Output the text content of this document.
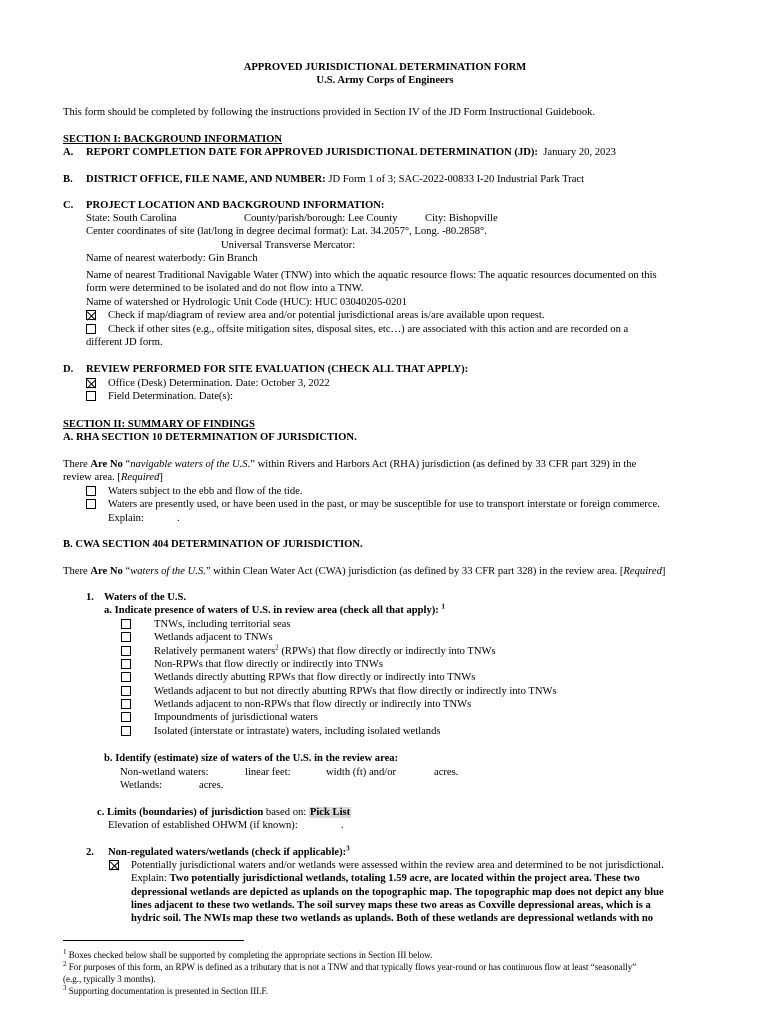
APPROVED JURISDICTIONAL DETERMINATION FORM
U.S. Army Corps of Engineers
This form should be completed by following the instructions provided in Section IV of the JD Form Instructional Guidebook.
SECTION I: BACKGROUND INFORMATION
A. REPORT COMPLETION DATE FOR APPROVED JURISDICTIONAL DETERMINATION (JD): January 20, 2023
B. DISTRICT OFFICE, FILE NAME, AND NUMBER: JD Form 1 of 3; SAC-2022-00833 I-20 Industrial Park Tract
C. PROJECT LOCATION AND BACKGROUND INFORMATION:
State: South Carolina	County/parish/borough: Lee County	City: Bishopville
Center coordinates of site (lat/long in degree decimal format): Lat. 34.2057°, Long. -80.2858°.
Universal Transverse Mercator:
Name of nearest waterbody: Gin Branch
Name of nearest Traditional Navigable Water (TNW) into which the aquatic resource flows: The aquatic resources documented on this
form were determined to be isolated and do not flow into a TNW.
Name of watershed or Hydrologic Unit Code (HUC): HUC 03040205-0201
Check if map/diagram of review area and/or potential jurisdictional areas is/are available upon request.
Check if other sites (e.g., offsite mitigation sites, disposal sites, etc…) are associated with this action and are recorded on a
different JD form.
D. REVIEW PERFORMED FOR SITE EVALUATION (CHECK ALL THAT APPLY):
Office (Desk) Determination. Date: October 3, 2022
Field Determination. Date(s):
SECTION II: SUMMARY OF FINDINGS
A. RHA SECTION 10 DETERMINATION OF JURISDICTION.
There Are No “navigable waters of the U.S.” within Rivers and Harbors Act (RHA) jurisdiction (as defined by 33 CFR part 329) in the
review area. [Required]
Waters subject to the ebb and flow of the tide.
Waters are presently used, or have been used in the past, or may be susceptible for use to transport interstate or foreign commerce.
Explain:	.
B. CWA SECTION 404 DETERMINATION OF JURISDICTION.
There Are No “waters of the U.S.” within Clean Water Act (CWA) jurisdiction (as defined by 33 CFR part 328) in the review area. [Required]
1. Waters of the U.S.
a. Indicate presence of waters of U.S. in review area (check all that apply): $^1$
TNWs, including territorial seas
Wetlands adjacent to TNWs
Relatively permanent waters$^2$ (RPWs) that flow directly or indirectly into TNWs
Non-RPWs that flow directly or indirectly into TNWs
Wetlands directly abutting RPWs that flow directly or indirectly into TNWs
Wetlands adjacent to but not directly abutting RPWs that flow directly or indirectly into TNWs
Wetlands adjacent to non-RPWs that flow directly or indirectly into TNWs
Impoundments of jurisdictional waters
Isolated (interstate or intrastate) waters, including isolated wetlands
b. Identify (estimate) size of waters of the U.S. in the review area:
Non-wetland waters:	linear feet:	width (ft) and/or	acres.
Wetlands:	acres.
c. Limits (boundaries) of jurisdiction based on: Pick List
Elevation of established OHWM (if known):	.
2. Non-regulated waters/wetlands (check if applicable):$^3$
Potentially jurisdictional waters and/or wetlands were assessed within the review area and determined to be not jurisdictional.
Explain: Two potentially jurisdictional wetlands, totaling 1.59 acre, are located within the project area. These two
depressional wetlands are depicted as uplands on the topographic map. The topographic map does not depict any blue
lines adjacent to these two wetlands. The soil survey maps these two areas as Coxville depressional areas, which is a
hydric soil. The NWIs map these two wetlands as uplands. Both of these wetlands are depressional wetlands with no
$^1$ Boxes checked below shall be supported by completing the appropriate sections in Section III below.
$^2$ For purposes of this form, an RPW is defined as a tributary that is not a TNW and that typically flows year-round or has continuous flow at least “seasonally”
(e.g., typically 3 months).
$^3$ Supporting documentation is presented in Section III.F.
